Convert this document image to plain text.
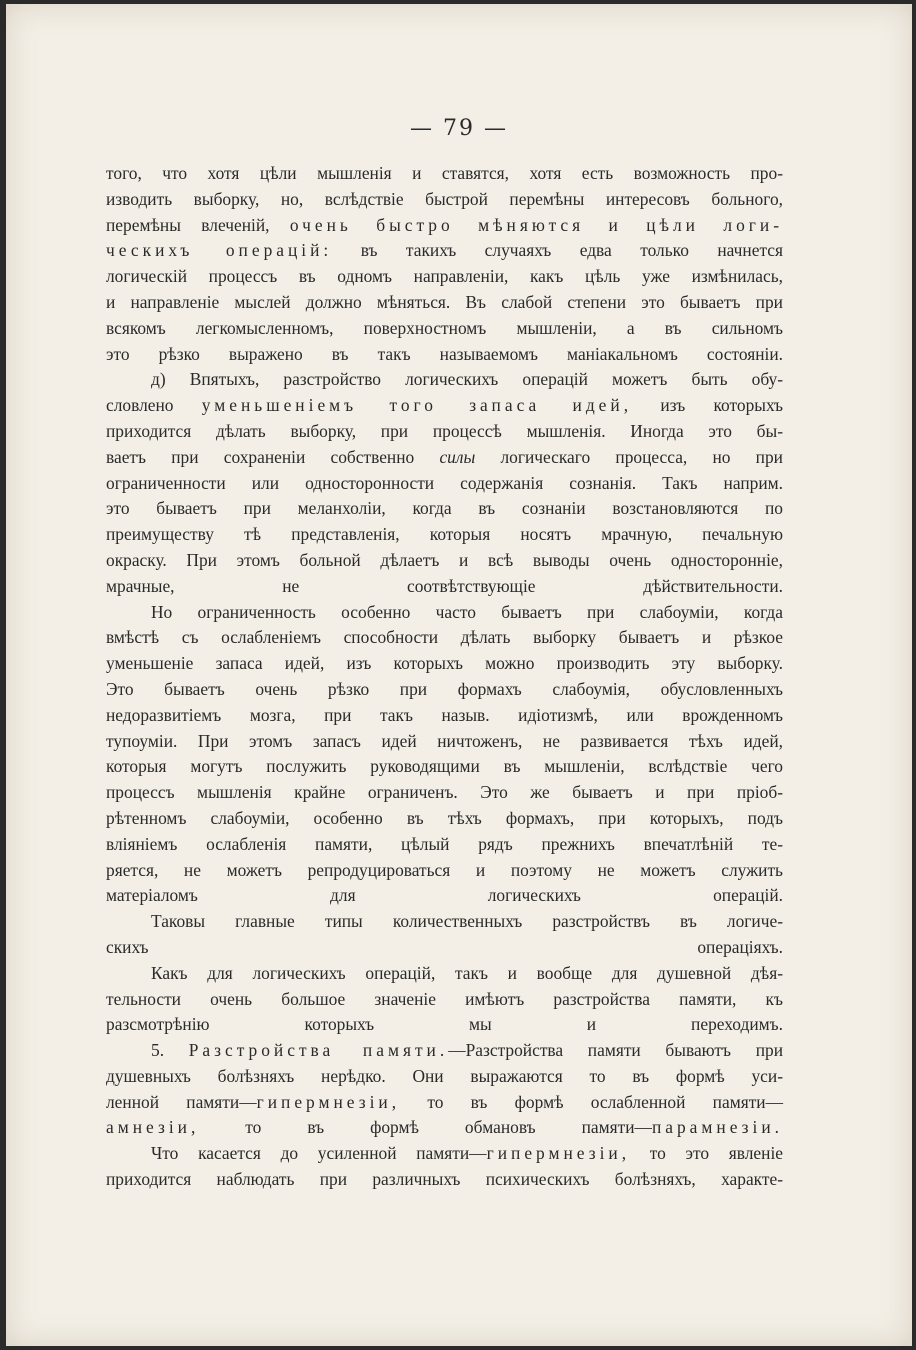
— 79 —

того, что хотя цѣли мышленія и ставятся, хотя есть возможность про-
изводить выборку, но, вслѣдствіе быстрой перемѣны интересовъ больного,
перемѣны влеченій, очень быстро мѣняются и цѣли логи-
ческихъ операцій: въ такихъ случаяхъ едва только начнется
логическій процессъ въ одномъ направленіи, какъ цѣль уже измѣнилась,
и направленіе мыслей должно мѣняться. Въ слабой степени это бываетъ при
всякомъ легкомысленномъ, поверхностномъ мышленіи, а въ сильномъ
это рѣзко выражено въ такъ называемомъ маніакальномъ состояніи.

д) Впятыхъ, разстройство логическихъ операцій можетъ быть обу-
словлено уменьшеніемъ того запаса идей, изъ которыхъ
приходится дѣлать выборку, при процессѣ мышленія. Иногда это бы-
ваетъ при сохраненіи собственно силы логическаго процесса, но при
ограниченности или односторонности содержанія сознанія. Такъ наприм.
это бываетъ при меланхоліи, когда въ сознаніи возстановляются по
преимуществу тѣ представленія, которыя носятъ мрачную, печальную
окраску. При этомъ больной дѣлаетъ и всѣ выводы очень односторонніе,
мрачные, не соотвѣтствующіе дѣйствительности.

Но ограниченность особенно часто бываетъ при слабоуміи, когда
вмѣстѣ съ ослабленіемъ способности дѣлать выборку бываетъ и рѣзкое
уменьшеніе запаса идей, изъ которыхъ можно производить эту выборку.
Это бываетъ очень рѣзко при формахъ слабоумія, обусловленныхъ
недоразвитіемъ мозга, при такъ назыв. идіотизмѣ, или врожденномъ
тупоуміи. При этомъ запасъ идей ничтоженъ, не развивается тѣхъ идей,
которыя могутъ послужить руководящими въ мышленіи, вслѣдствіе чего
процессъ мышленія крайне ограниченъ. Это же бываетъ и при пріоб-
рѣтенномъ слабоуміи, особенно въ тѣхъ формахъ, при которыхъ, подъ
вліяніемъ ослабленія памяти, цѣлый рядъ прежнихъ впечатлѣній те-
ряется, не можетъ репродуцироваться и поэтому не можетъ служить
матеріаломъ для логическихъ операцій.

Таковы главные типы количественныхъ разстройствъ въ логиче-
скихъ операціяхъ.

Какъ для логическихъ операцій, такъ и вообще для душевной дѣя-
тельности очень большое значеніе имѣютъ разстройства памяти, къ
разсмотрѣнію которыхъ мы и переходимъ.

5. Разстройства памяти.—Разстройства памяти бываютъ при
душевныхъ болѣзняхъ нерѣдко. Они выражаются то въ формѣ уси-
ленной памяти—гипермнезіи, то въ формѣ ослабленной памяти—
амнезіи, то въ формѣ обмановъ памяти—парамнезіи.

Что касается до усиленной памяти—гипермнезіи, то это явленіе
приходится наблюдать при различныхъ психическихъ болѣзняхъ, характе-
